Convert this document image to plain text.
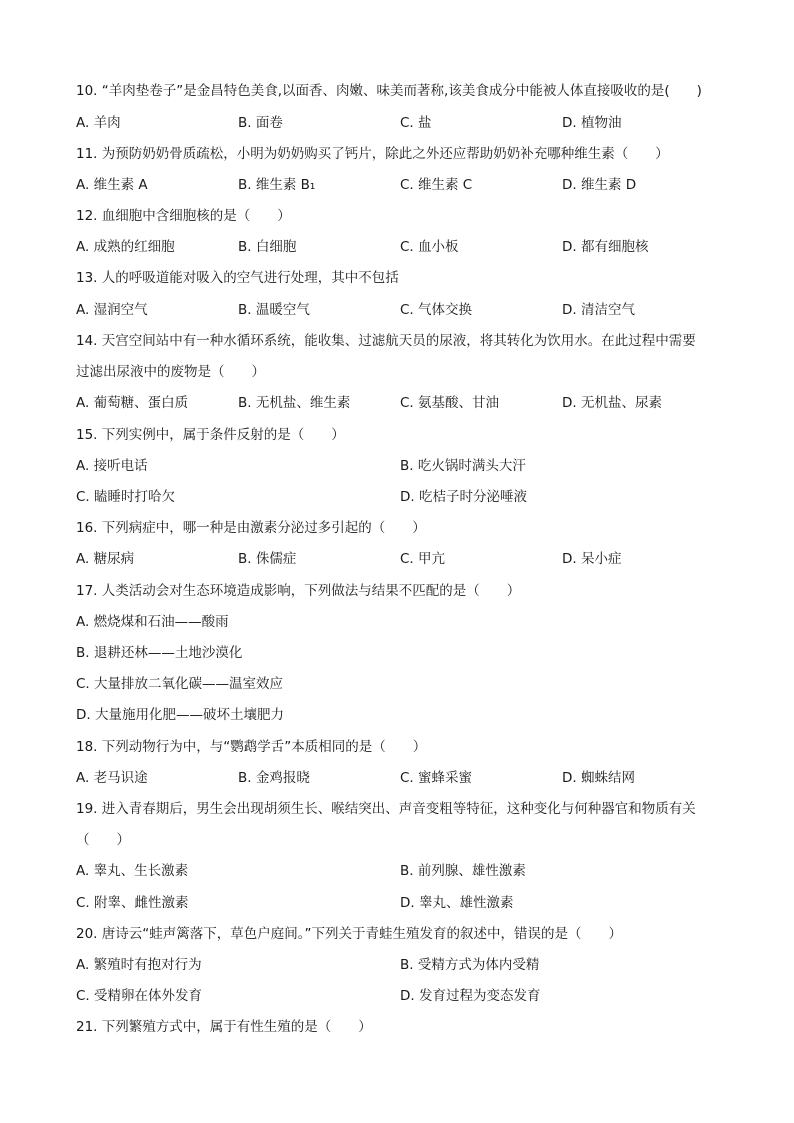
10. “羊肉垫卷子”是金昌特色美食,以面香、肉嫩、味美而著称,该美食成分中能被人体直接吸收的是(　　)
A. 羊肉	B. 面卷	C. 盐	D. 植物油
11. 为预防奶奶骨质疏松，小明为奶奶购买了钙片，除此之外还应帮助奶奶补充哪种维生素（　　）
A. 维生素 A	B. 维生素 B₁	C. 维生素 C	D. 维生素 D
12. 血细胞中含细胞核的是（　　）
A. 成熟的红细胞	B. 白细胞	C. 血小板	D. 都有细胞核
13. 人的呼吸道能对吸入的空气进行处理，其中不包括
A. 湿润空气	B. 温暖空气	C. 气体交换	D. 清洁空气
14. 天宫空间站中有一种水循环系统，能收集、过滤航天员的尿液，将其转化为饮用水。在此过程中需要
过滤出尿液中的废物是（　　）
A. 葡萄糖、蛋白质	B. 无机盐、维生素	C. 氨基酸、甘油	D. 无机盐、尿素
15. 下列实例中，属于条件反射的是（　　）
A. 接听电话	B. 吃火锅时满头大汗
C. 瞌睡时打哈欠	D. 吃桔子时分泌唾液
16. 下列病症中，哪一种是由激素分泌过多引起的（　　）
A. 糖尿病	B. 侏儒症	C. 甲亢	D. 呆小症
17. 人类活动会对生态环境造成影响，下列做法与结果不匹配的是（　　）
A. 燃烧煤和石油——酸雨
B. 退耕还林——土地沙漠化
C. 大量排放二氧化碳——温室效应
D. 大量施用化肥——破坏土壤肥力
18. 下列动物行为中，与“鹦鹉学舌”本质相同的是（　　）
A. 老马识途	B. 金鸡报晓	C. 蜜蜂采蜜	D. 蜘蛛结网
19. 进入青春期后，男生会出现胡须生长、喉结突出、声音变粗等特征，这种变化与何种器官和物质有关
（　　）
A. 睾丸、生长激素	B. 前列腺、雄性激素
C. 附睾、雌性激素	D. 睾丸、雄性激素
20. 唐诗云“蛙声篱落下，草色户庭间。”下列关于青蛙生殖发育的叙述中，错误的是（　　）
A. 繁殖时有抱对行为	B. 受精方式为体内受精
C. 受精卵在体外发育	D. 发育过程为变态发育
21. 下列繁殖方式中，属于有性生殖的是（　　）
